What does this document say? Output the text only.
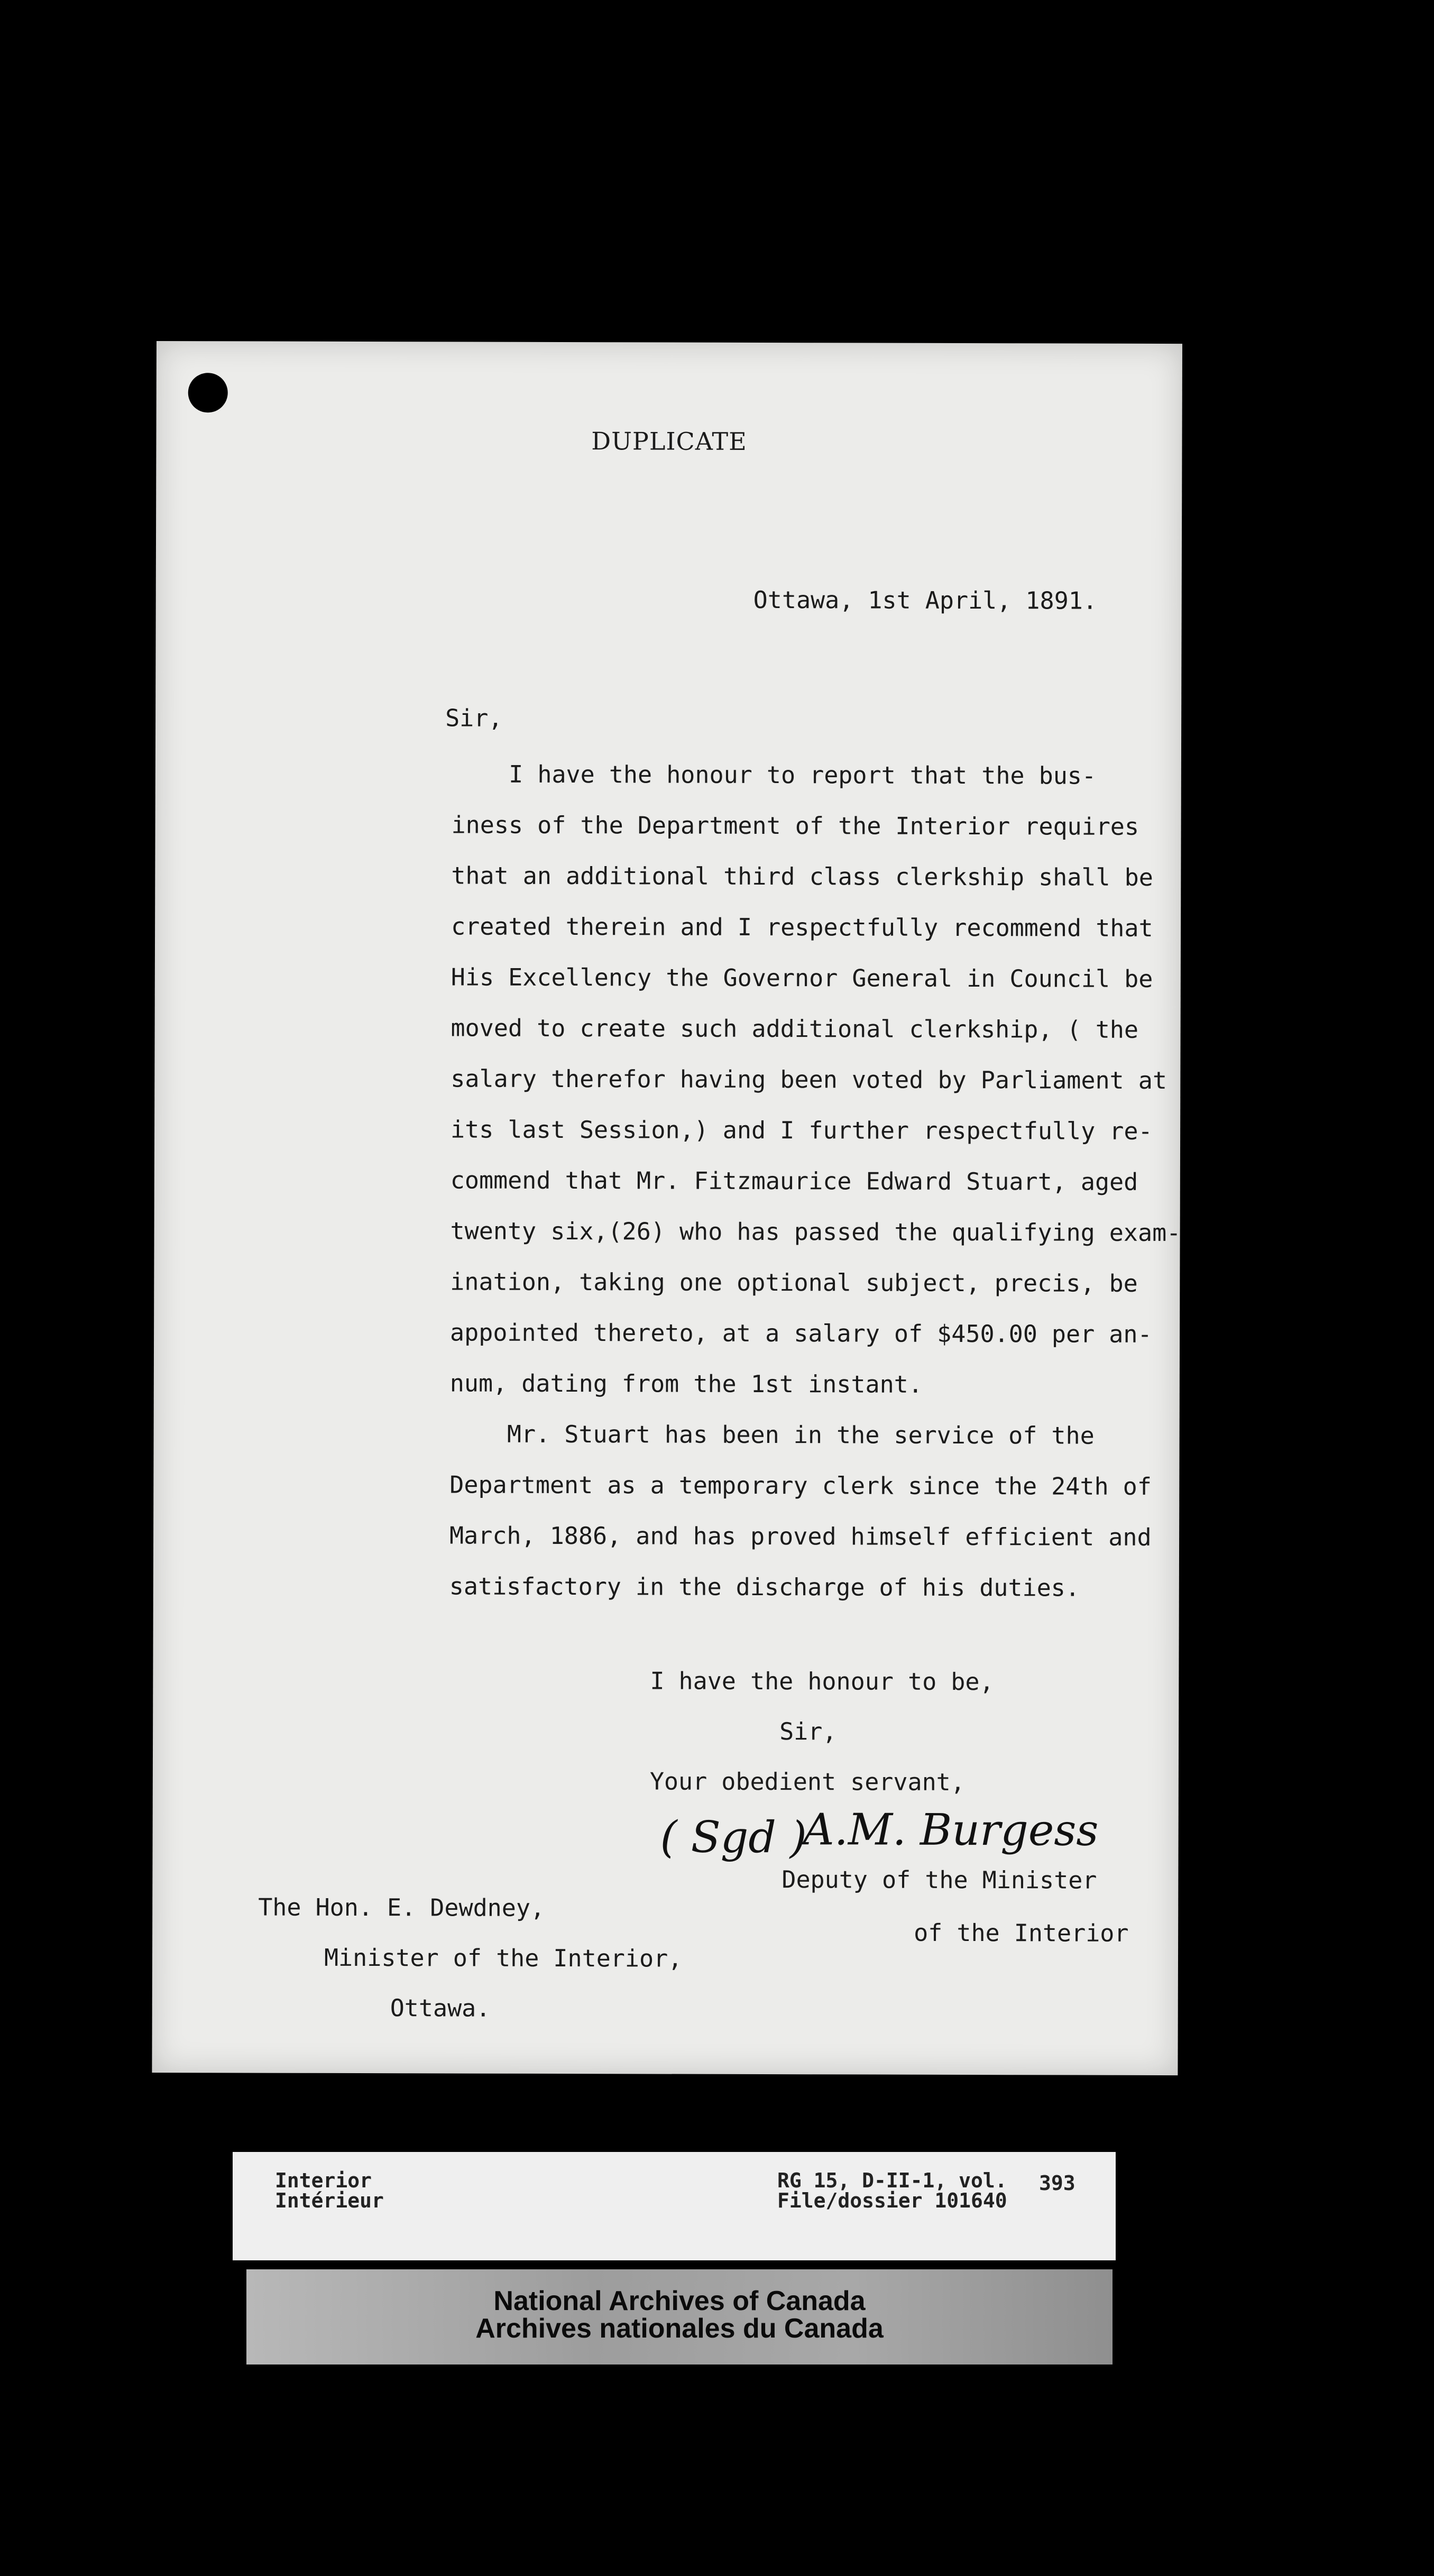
DUPLICATE
Ottawa, 1st April, 1891.
Sir,
I have the honour to report that the bus-
iness of the Department of the Interior requires
that an additional third class clerkship shall be
created therein and I respectfully recommend that
His Excellency the Governor General in Council be
moved to create such additional clerkship, ( the
salary therefor having been voted by Parliament at
its last Session,) and I further respectfully re-
commend that Mr. Fitzmaurice Edward Stuart, aged
twenty six,(26) who has passed the qualifying exam-
ination, taking one optional subject, precis, be
appointed thereto, at a salary of $450.00 per an-
num, dating from the 1st instant.
Mr. Stuart has been in the service of the
Department as a temporary clerk since the 24th of
March, 1886, and has proved himself efficient and
satisfactory in the discharge of his duties.
I have the honour to be,
Sir,
Your obedient servant,
( Sgd )
A.M. Burgess
Deputy of the Minister
of the Interior
The Hon. E. Dewdney,
Minister of the Interior,
Ottawa.
Interior
Intérieur
RG 15, D-II-1, vol.
File/dossier 101640
393
National Archives of Canada
Archives nationales du Canada
